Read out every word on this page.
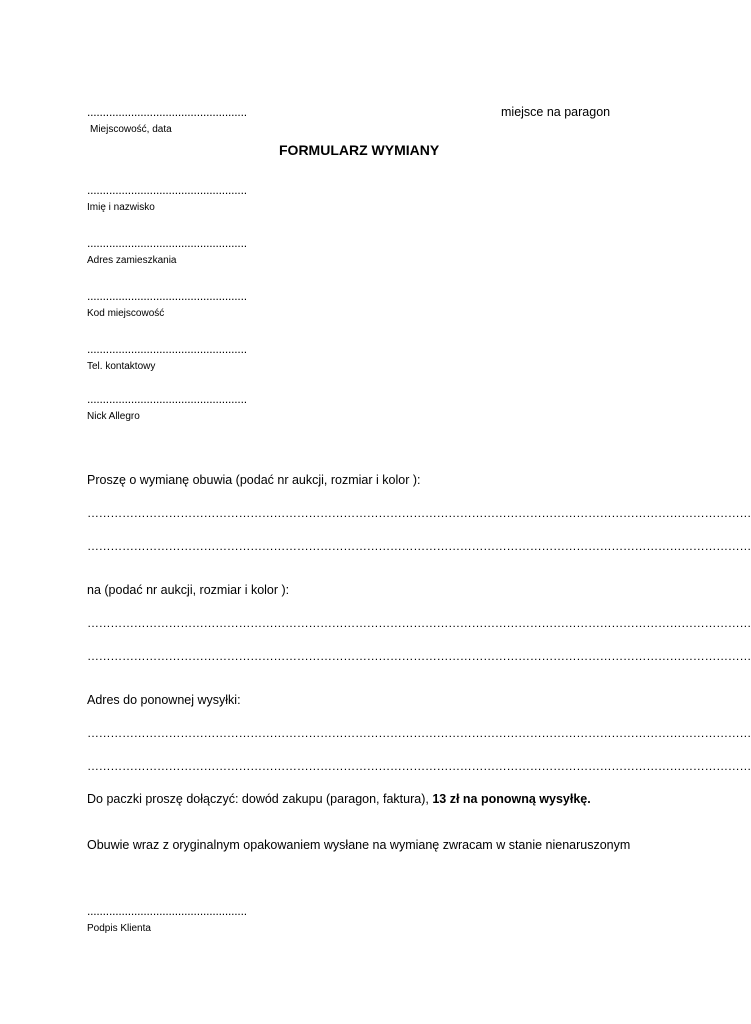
...................................................
Miejscowość, data
miejsce na paragon
FORMULARZ WYMIANY
...................................................
Imię i nazwisko
...................................................
Adres zamieszkania
...................................................
Kod miejscowość
...................................................
Tel. kontaktowy
...................................................
Nick Allegro
Proszę o wymianę obuwia (podać nr aukcji, rozmiar i kolor ):
………………………………………………………………………………………………………………………………………………………
………………………………………………………………………………………………………………………………………………………
na (podać nr aukcji, rozmiar i kolor ):
………………………………………………………………………………………………………………………………………………………
………………………………………………………………………………………………………………………………………………………
Adres do ponownej wysyłki:
………………………………………………………………………………………………………………………………………………………
………………………………………………………………………………………………………………………………………………………
Do paczki proszę dołączyć: dowód zakupu (paragon, faktura), 13 zł na ponowną wysyłkę.
Obuwie wraz z oryginalnym opakowaniem wysłane na wymianę zwracam w stanie nienaruszonym
...................................................
Podpis Klienta
